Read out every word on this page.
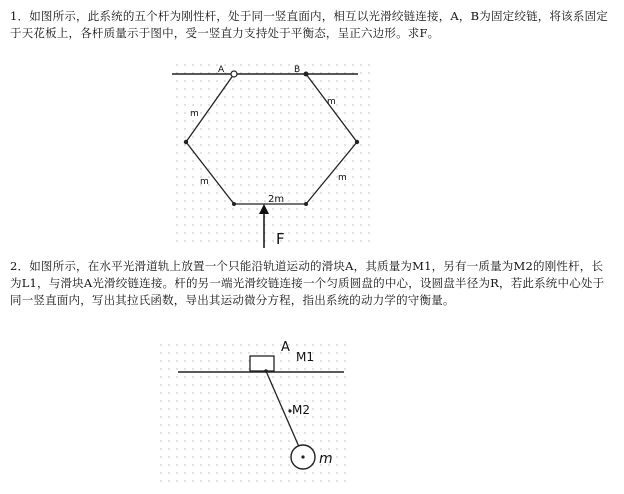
1．如图所示，此系统的五个杆为刚性杆，处于同一竖直面内，相互以光滑绞链连接，A，B为固定绞链，将该系固定于天花板上，各杆质量示于图中，受一竖直力支持处于平衡态，呈正六边形。求F。

2．如图所示，在水平光滑道轨上放置一个只能沿轨道运动的滑块A，其质量为M1，另有一质量为M2的刚性杆，长为L1，与滑块A光滑绞链连接。杆的另一端光滑绞链连接一个匀质圆盘的中心，设圆盘半径为R，若此系统中心处于同一竖直面内，写出其拉氏函数，导出其运动微分方程，指出系统的动力学的守衡量。

A	B
m
m
m	m
2m
F
A
M1
M2
m
